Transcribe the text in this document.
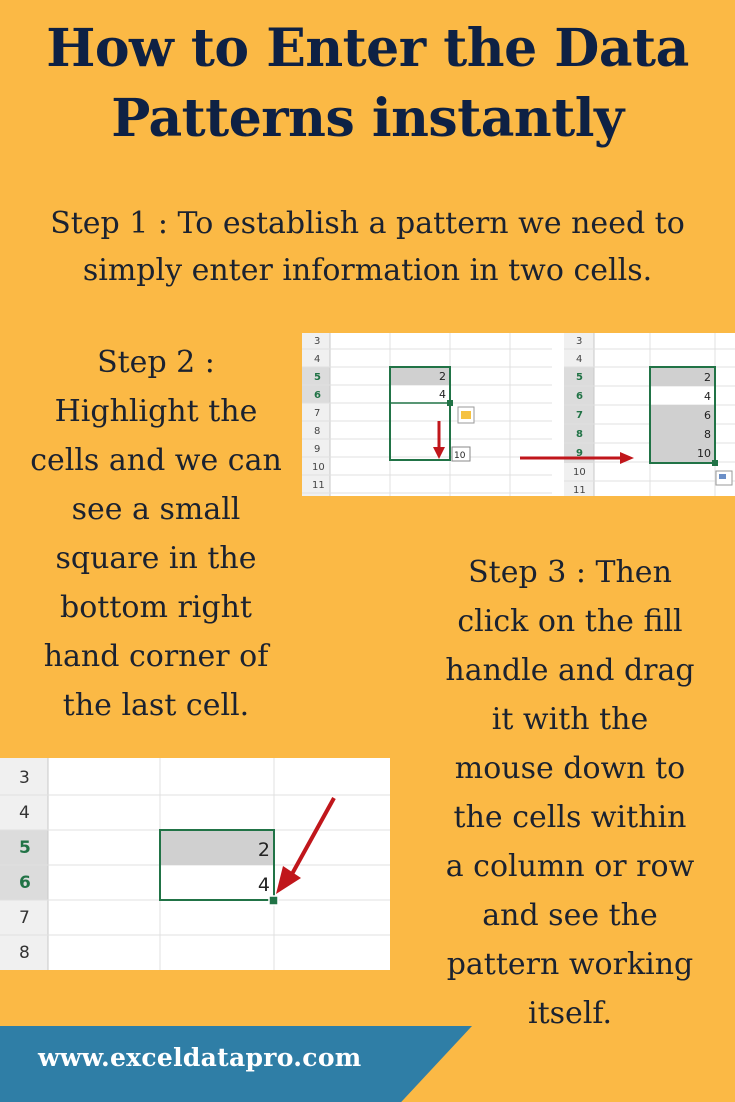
How to Enter the Data
Patterns instantly
Step 1 : To establish a pattern we need to
simply enter information in two cells.
Step 2 :
Highlight the
cells and we can
see a small
square in the
bottom right
hand corner of
the last cell.
3
4
5
6
7
8
9
10
11
2
4
10
3
4
5
6
7
8
9
10
11
2
4
6
8
10
Step 3 : Then
click on the fill
handle and drag
it with the
mouse down to
the cells within
a column or row
and see the
pattern working
itself.
3
4
5
6
7
8
2
4
www.exceldatapro.com
